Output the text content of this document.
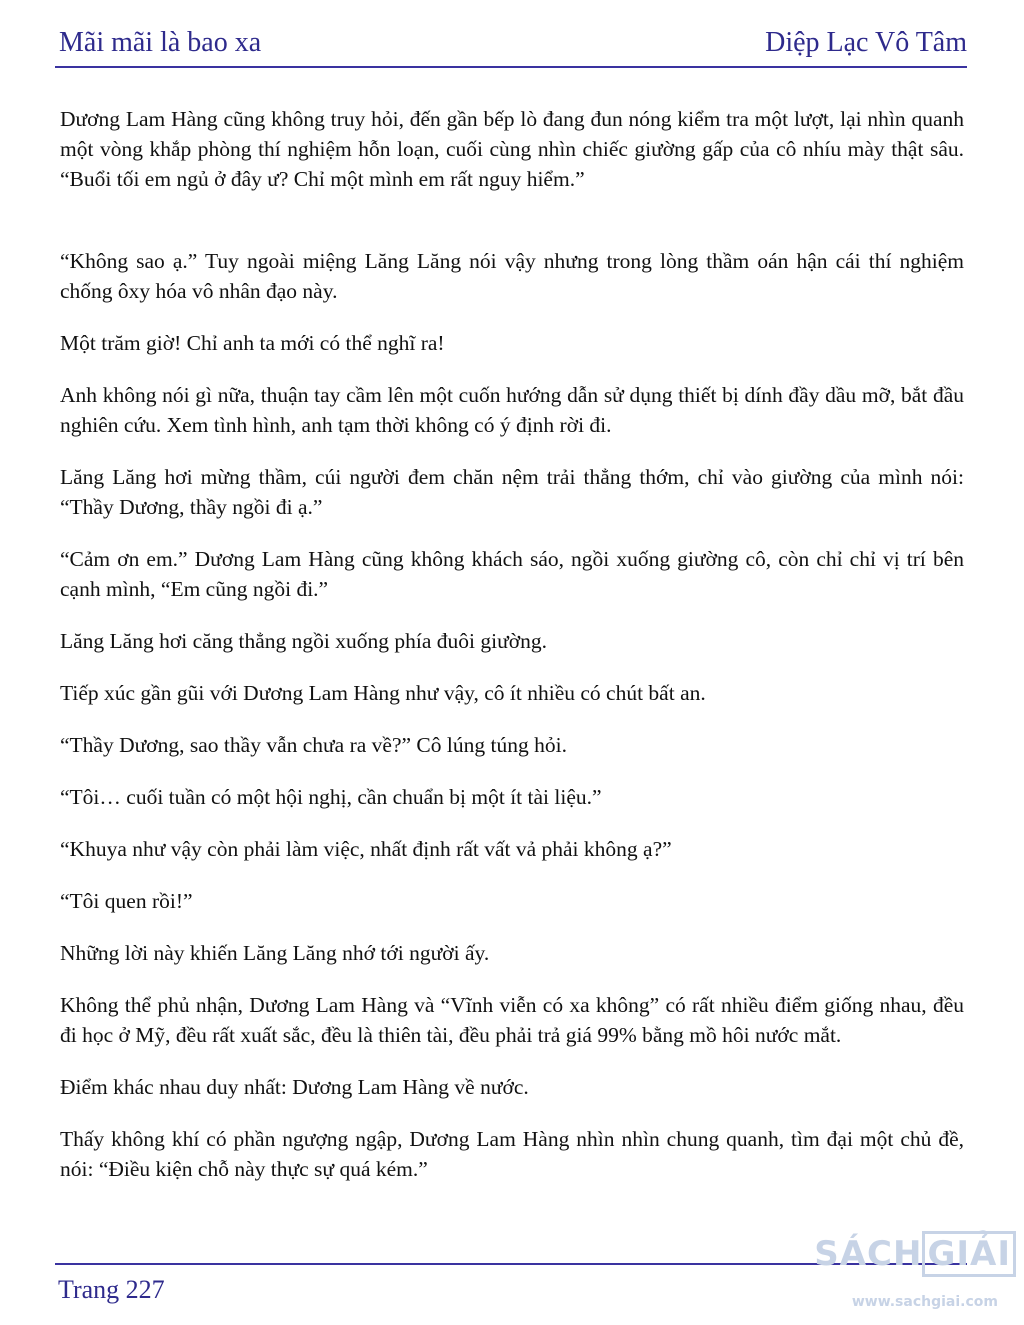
Mãi mãi là bao xa	Diệp Lạc Vô Tâm

Dương Lam Hàng cũng không truy hỏi, đến gần bếp lò đang đun nóng kiểm tra một lượt, lại nhìn quanh một vòng khắp phòng thí nghiệm hỗn loạn, cuối cùng nhìn chiếc giường gấp của cô nhíu mày thật sâu. “Buổi tối em ngủ ở đây ư? Chỉ một mình em rất nguy hiểm.”

“Không sao ạ.” Tuy ngoài miệng Lăng Lăng nói vậy nhưng trong lòng thầm oán hận cái thí nghiệm chống ôxy hóa vô nhân đạo này.

Một trăm giờ! Chỉ anh ta mới có thể nghĩ ra!

Anh không nói gì nữa, thuận tay cầm lên một cuốn hướng dẫn sử dụng thiết bị dính đầy dầu mỡ, bắt đầu nghiên cứu. Xem tình hình, anh tạm thời không có ý định rời đi.

Lăng Lăng hơi mừng thầm, cúi người đem chăn nệm trải thẳng thớm, chỉ vào giường của mình nói: “Thầy Dương, thầy ngồi đi ạ.”

“Cảm ơn em.” Dương Lam Hàng cũng không khách sáo, ngồi xuống giường cô, còn chỉ chỉ vị trí bên cạnh mình, “Em cũng ngồi đi.”

Lăng Lăng hơi căng thẳng ngồi xuống phía đuôi giường.

Tiếp xúc gần gũi với Dương Lam Hàng như vậy, cô ít nhiều có chút bất an.

“Thầy Dương, sao thầy vẫn chưa ra về?” Cô lúng túng hỏi.

“Tôi… cuối tuần có một hội nghị, cần chuẩn bị một ít tài liệu.”

“Khuya như vậy còn phải làm việc, nhất định rất vất vả phải không ạ?”

“Tôi quen rồi!”

Những lời này khiến Lăng Lăng nhớ tới người ấy.

Không thể phủ nhận, Dương Lam Hàng và “Vĩnh viễn có xa không” có rất nhiều điểm giống nhau, đều đi học ở Mỹ, đều rất xuất sắc, đều là thiên tài, đều phải trả giá 99% bằng mồ hôi nước mắt.

Điểm khác nhau duy nhất: Dương Lam Hàng về nước.

Thấy không khí có phần ngượng ngập, Dương Lam Hàng nhìn nhìn chung quanh, tìm đại một chủ đề, nói: “Điều kiện chỗ này thực sự quá kém.”

Trang 227
SÁCH GIẢI
www.sachgiai.com
